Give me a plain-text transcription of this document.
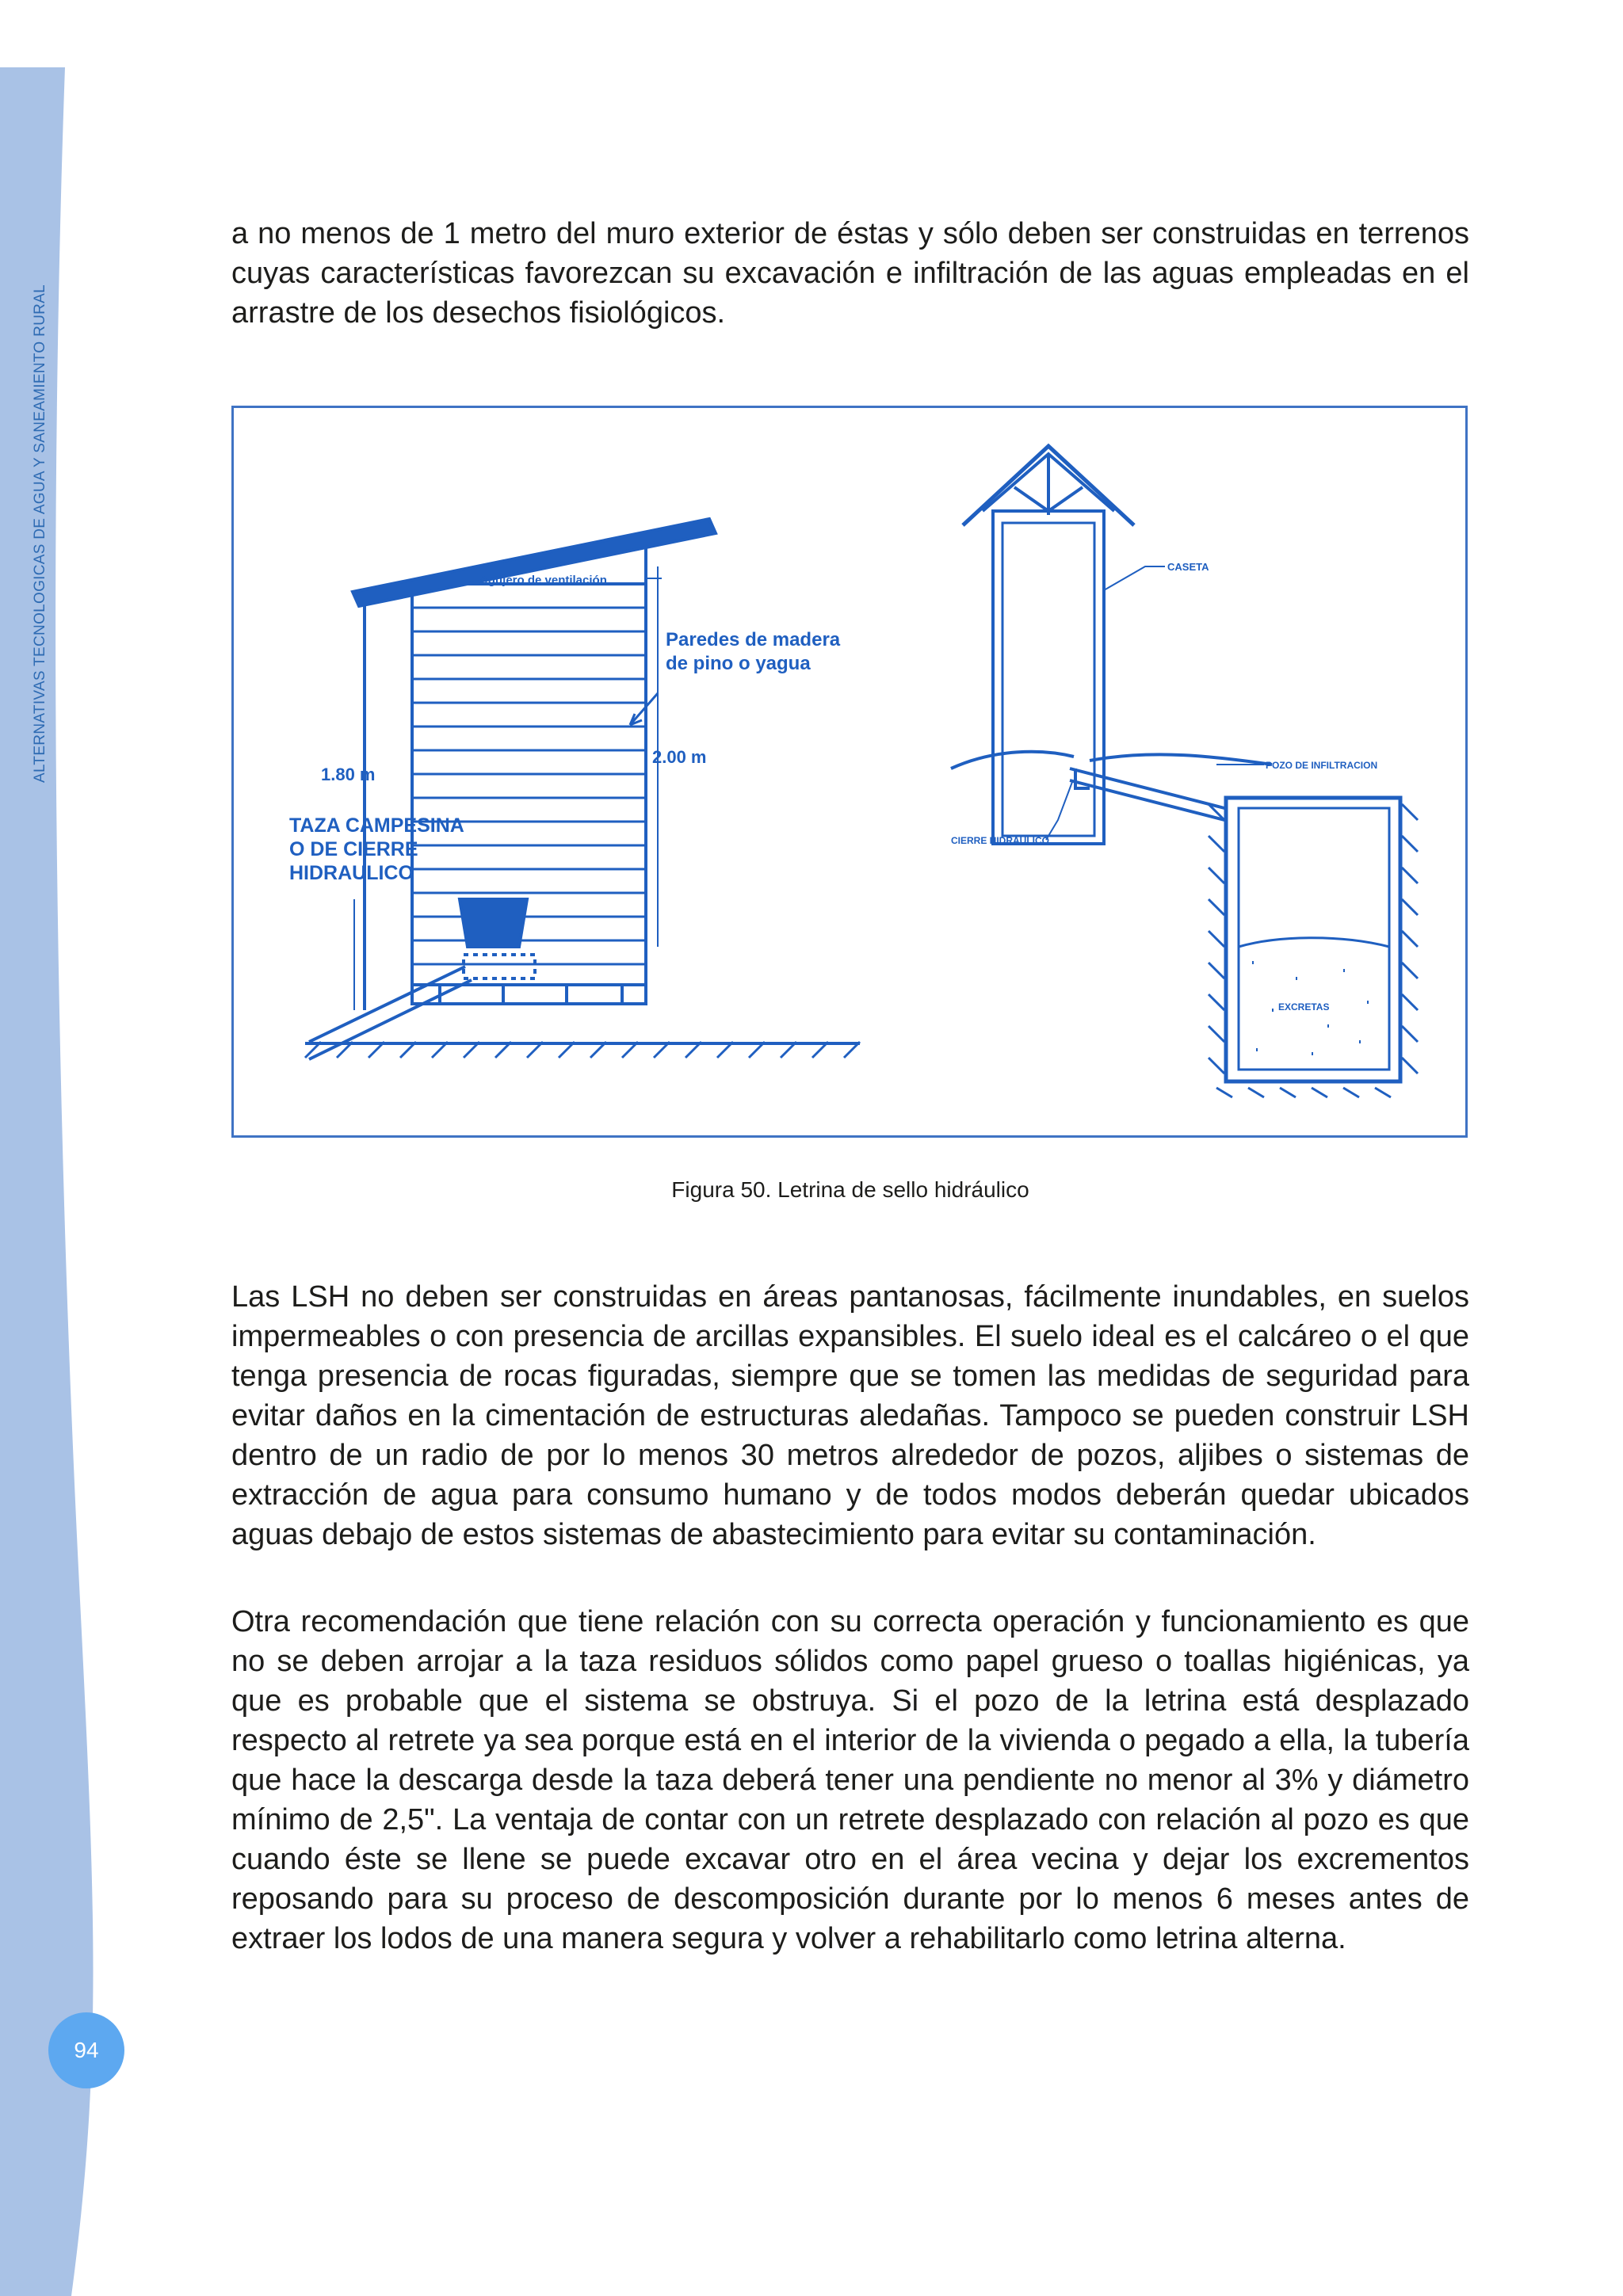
ALTERNATIVAS TECNOLOGICAS DE AGUA Y SANEAMIENTO RURAL
94

a no menos de 1 metro del muro exterior de éstas y sólo deben ser construidas en terrenos cuyas características favorezcan su excavación e infiltración de las aguas empleadas en el arrastre de los desechos fisiológicos.

Agujero de ventilación
Paredes de madera
de pino o yagua
1.80 m
2.00 m
TAZA CAMPESINA
O DE CIERRE
HIDRAULICO
CASETA
POZO DE INFILTRACION
CIERRE HIDRAULICO
EXCRETAS
Figura 50. Letrina de sello hidráulico

Las LSH no deben ser construidas en áreas pantanosas, fácilmente inundables, en suelos impermeables o con presencia de arcillas expansibles. El suelo ideal es el calcáreo o el que tenga presencia de rocas figuradas, siempre que se tomen las medidas de seguridad para evitar daños en la cimentación de estructuras aledañas. Tampoco se pueden construir LSH dentro de un radio de por lo menos 30 metros alrededor de pozos, aljibes o sistemas de extracción de agua para consumo humano y de todos modos deberán quedar ubicados aguas debajo de estos sistemas de abastecimiento para evitar su contaminación.

Otra recomendación que tiene relación con su correcta operación y funcionamiento es que no se deben arrojar a la taza residuos sólidos como papel grueso o toallas higiénicas, ya que es probable que el sistema se obstruya. Si el pozo de la letrina está desplazado respecto al retrete ya sea porque está en el interior de la vivienda o pegado a ella, la tubería que hace la descarga desde la taza deberá tener una pendiente no menor al 3% y diámetro mínimo de 2,5". La ventaja de contar con un retrete desplazado con relación al pozo es que cuando éste se llene se puede excavar otro en el área vecina y dejar los excrementos reposando para su proceso de descomposición durante por lo menos 6 meses antes de extraer los lodos de una manera segura y volver a rehabilitarlo como letrina alterna.
